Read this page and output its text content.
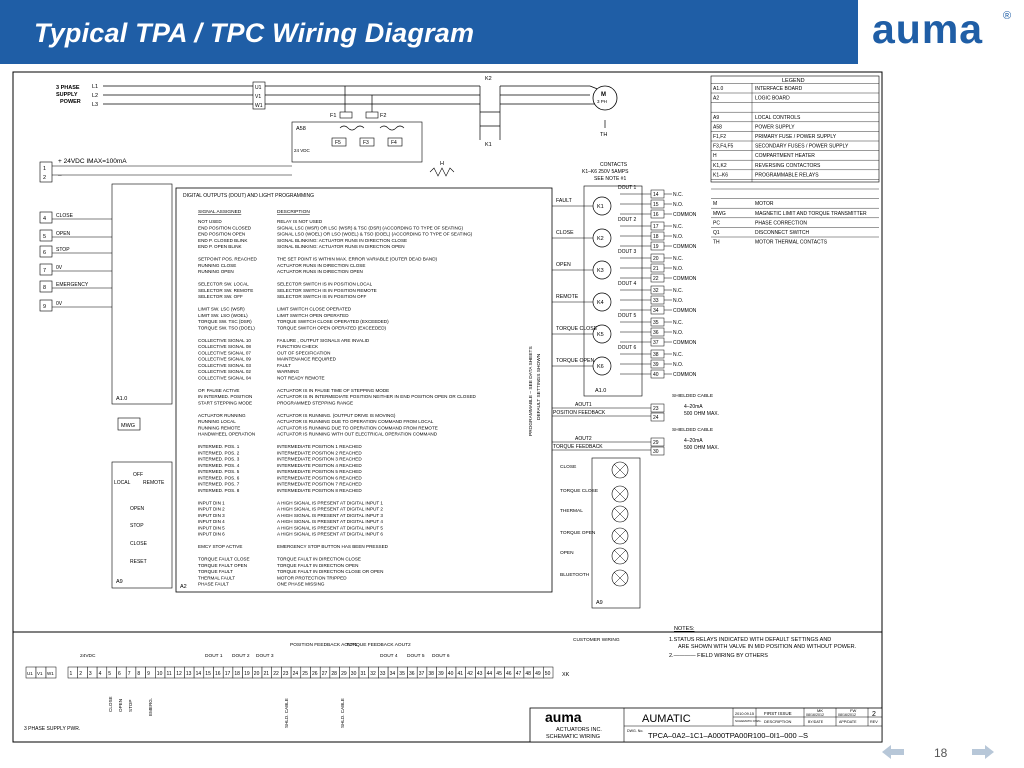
Typical TPA / TPC Wiring Diagram	auma ®
3 PHASE
SUPPLY
POWER
L1
L2
L3
U1
V1
W1
K2
K1
M
3 PH
TH
A58
24 VDC
F1	F2
F5	F3	F4
H
1
2
+ 24VDC IMAX=100mA
–
4 CLOSE
5 OPEN
6 STOP
7 0V
8 EMERGENCY
9 0V
A1.0
MWG
OFF
LOCAL	REMOTE
OPEN
STOP
CLOSE
RESET
A9
DIGITAL OUTPUTS (DOUT) AND LIGHT PROGRAMMING
SIGNAL ASSIGNED	DESCRIPTION
NOT USED	RELAY IS NOT USED
END POSITION CLOSED	SIGNAL LSC (WSR) OR LSC (WSR) & TSC (DSR) (ACCORDING TO TYPE OF SEATING)
END POSITION OPEN	SIGNAL LSO (WOEL) OR LSO (WOEL) & TSO (DOEL) (ACCORDING TO TYPE OF SEATING)
END P. CLOSED BLINK	SIGNAL BLINKING: ACTUATOR RUNS IN DIRECTION CLOSE
END P. OPEN BLINK	SIGNAL BLINKING: ACTUATOR RUNS IN DIRECTION OPEN
SETPOINT POS. REACHED	THE SET POINT IS WITHIN MAX. ERROR VARIABLE (OUTER DEAD BAND)
RUNNING CLOSE	ACTUATOR RUNS IN DIRECTION CLOSE
RUNNING OPEN	ACTUATOR RUNS IN DIRECTION OPEN
SELECTOR SW. LOCAL	SELECTOR SWITCH IS IN POSITION LOCAL
SELECTOR SW. REMOTE	SELECTOR SWITCH IS IN POSITION REMOTE
SELECTOR SW. OFF	SELECTOR SWITCH IS IN POSITION OFF
LIMIT SW. LSC (WSR)	LIMIT SWITCH CLOSE OPERATED
LIMIT SW. LSO (WOEL)	LIMIT SWITCH OPEN OPERATED
TORQUE SW. TSC (DSR)	TORQUE SWITCH CLOSE OPERATED (EXCEEDED)
TORQUE SW. TSO (DOEL)	TORQUE SWITCH OPEN OPERATED (EXCEEDED)
COLLECTIVE SIGNAL 10	FAILURE , OUTPUT SIGNALS ARE INVALID
COLLECTIVE SIGNAL 08	FUNCTION CHECK
COLLECTIVE SIGNAL 07	OUT OF SPECIFICATION
COLLECTIVE SIGNAL 09	MAINTENANCE REQUIRED
COLLECTIVE SIGNAL 03	FAULT
COLLECTIVE SIGNAL 02	WARNING
COLLECTIVE SIGNAL 04	NOT READY REMOTE
OP. PAUSE ACTIVE	ACTUATOR IS IN PAUSE TIME OF STEPPING MODE
IN INTERMED. POSITION	ACTUATOR IS IN INTERMEDIATE POSITION NEITHER IN END POSITION OPEN OR CLOSED
START STEPPING MODE	PROGRAMMED STEPPING RANGE
ACTUATOR RUNNING	ACTUATOR IS RUNNING. (OUTPUT DRIVE IS MOVING)
RUNNING LOCAL	ACTUATOR IS RUNNING DUE TO OPERATION COMMAND FROM LOCAL
RUNNING REMOTE	ACTUATOR IS RUNNING DUE TO OPERATION COMMAND FROM REMOTE
HANDWHEEL OPERATION	ACTUATOR IS RUNNING WITH OUT ELECTRICAL OPERATION COMMAND
INTERMED. POS. 1	INTERMEDIATE POSITION 1 REACHED
INTERMED. POS. 2	INTERMEDIATE POSITION 2 REACHED
INTERMED. POS. 3	INTERMEDIATE POSITION 3 REACHED
INTERMED. POS. 4	INTERMEDIATE POSITION 4 REACHED
INTERMED. POS. 5	INTERMEDIATE POSITION 5 REACHED
INTERMED. POS. 6	INTERMEDIATE POSITION 6 REACHED
INTERMED. POS. 7	INTERMEDIATE POSITION 7 REACHED
INTERMED. POS. 8	INTERMEDIATE POSITION 8 REACHED
INPUT DIN 1	A HIGH SIGNAL IS PRESENT AT DIGITAL INPUT 1
INPUT DIN 2	A HIGH SIGNAL IS PRESENT AT DIGITAL INPUT 2
INPUT DIN 3	A HIGH SIGNAL IS PRESENT AT DIGITAL INPUT 3
INPUT DIN 4	A HIGH SIGNAL IS PRESENT AT DIGITAL INPUT 4
INPUT DIN 5	A HIGH SIGNAL IS PRESENT AT DIGITAL INPUT 5
INPUT DIN 6	A HIGH SIGNAL IS PRESENT AT DIGITAL INPUT 6
EMCY STOP ACTIVE	EMERGENCY STOP BUTTON HAS BEEN PRESSED
TORQUE FAULT CLOSE	TORQUE FAULT IN DIRECTION CLOSE
TORQUE FAULT OPEN	TORQUE FAULT IN DIRECTION OPEN
TORQUE FAULT	TORQUE FAULT IN DIRECTION CLOSE OR OPEN
THERMAL FAULT	MOTOR PROTECTION TRIPPED
PHASE FAULT	ONE PHASE MISSING
A2
PROGRAMMABLE – SEE DATA SHEETS DEFAULT SETTINGS SHOWN
CONTACTS
K1–K6 250V 5AMPS
SEE NOTE #1
A1.0
K1
DOUT 1
FAULT
14	N.C.
15	N.O.
16	COMMON
K2
DOUT 2
CLOSE
17	N.C.
18	N.O.
19	COMMON
K3
DOUT 3
OPEN
20	N.C.
21	N.O.
22	COMMON
K4
DOUT 4
REMOTE
32	N.C.
33	N.O.
34	COMMON
K5
DOUT 5
TORQUE CLOSE
35	N.C.
36	N.O.
37	COMMON
K6
DOUT 6
TORQUE OPEN
38	N.C.
39	N.O.
40	COMMON
AOUT1
POSITION FEEDBACK
23
24
SHIELDED CABLE
4–20mA
500 OHM MAX.
AOUT2
TORQUE FEEDBACK
29
30
SHIELDED CABLE
4–20mA
500 OHM MAX.
A9
CLOSE
TORQUE CLOSE
THERMAL
TORQUE OPEN
OPEN
BLUETOOTH
LEGEND
A1.0	INTERFACE BOARD
A2	LOGIC BOARD
A9	LOCAL CONTROLS
A58	POWER SUPPLY
F1,F2	PRIMARY FUSE / POWER SUPPLY
F3,F4,F5	SECONDARY FUSES / POWER SUPPLY
H	COMPARTMENT HEATER
K1,K2	REVERSING CONTACTORS
K1–K6	PROGRAMMABLE RELAYS
M	MOTOR
MWG	MAGNETIC LIMIT AND TORQUE TRANSMITTER
PC	PHASE CORRECTION
Q1	DISCONNECT SWITCH
TH	MOTOR THERMAL CONTACTS
1 2 3 4 5 6 7 8 9 10 11 12 13 14 15 16 17 18 19 20 21 22 23 24 25 26 27 28 29 30 31 32 33 34 35 36 37 38 39 40 41 42 43 44 45 46 47 48 49 50 XK
U1 V1 W1
3 PHASE SUPPLY PWR.
24VDC	DOUT 1 DOUT 2 DOUT 3
POSITION FEEDBACK AOUT1
TORQUE FEEDBACK AOUT2
DOUT 4 DOUT 5 DOUT 6
CUSTOMER WIRING
CLOSE OPEN STOP	EMERG.	SHLD. CABLE	SHLD. CABLE
NOTES:
1.STATUS RELAYS INDICATED WITH DEFAULT SETTINGS AND
ARE SHOWN WITH VALVE IN MID POSITION AND WITHOUT POWER.
2.———— FIELD WIRING BY OTHERS
auma
ACTUATORS INC.
SCHEMATIC WIRING
AUMATIC	2010.09.15
SCHEMATIC DWG.
FIRST ISSUE
DESCRIPTION
MK
08/16/2012
BY/DATE
FW
08/16/2012
APP/DATE
2
REV
DWG. No. TPCA–0A2–1C1–A000TPA00R100–0I1–000 –S
18
